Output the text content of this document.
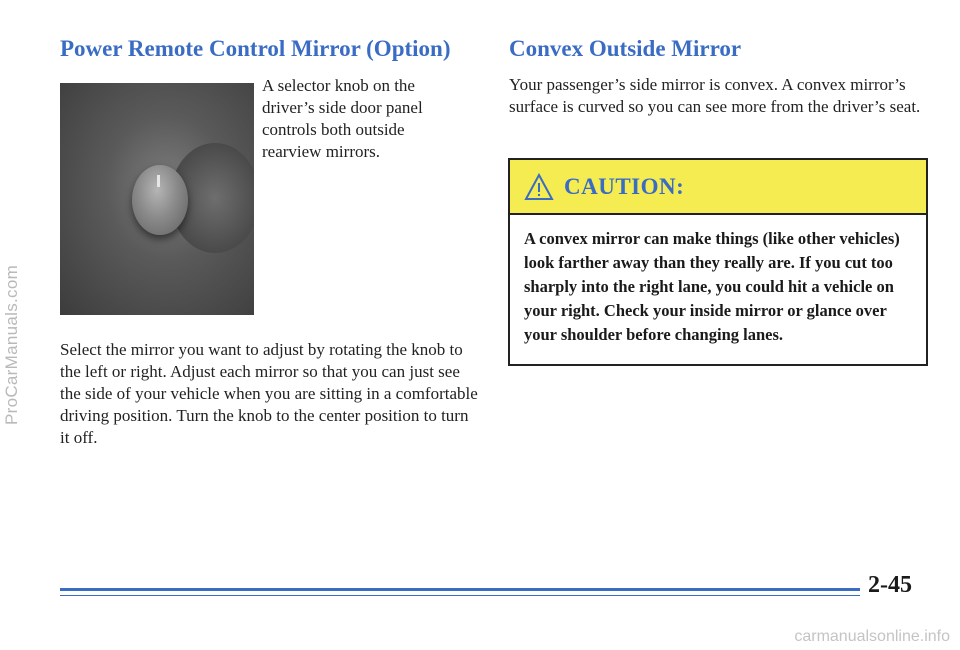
ProCarManuals.com
Power Remote Control Mirror (Option)
A selector knob on the driver’s side door panel controls both outside rearview mirrors.
Select the mirror you want to adjust by rotating the knob to the left or right. Adjust each mirror so that you can just see the side of your vehicle when you are sitting in a comfortable driving position. Turn the knob to the center position to turn it off.
Convex Outside Mirror
Your passenger’s side mirror is convex. A convex mirror’s surface is curved so you can see more from the driver’s seat.
CAUTION:
A convex mirror can make things (like other vehicles) look farther away than they really are. If you cut too sharply into the right lane, you could hit a vehicle on your right. Check your inside mirror or glance over your shoulder before changing lanes.
2-45
carmanualsonline.info
